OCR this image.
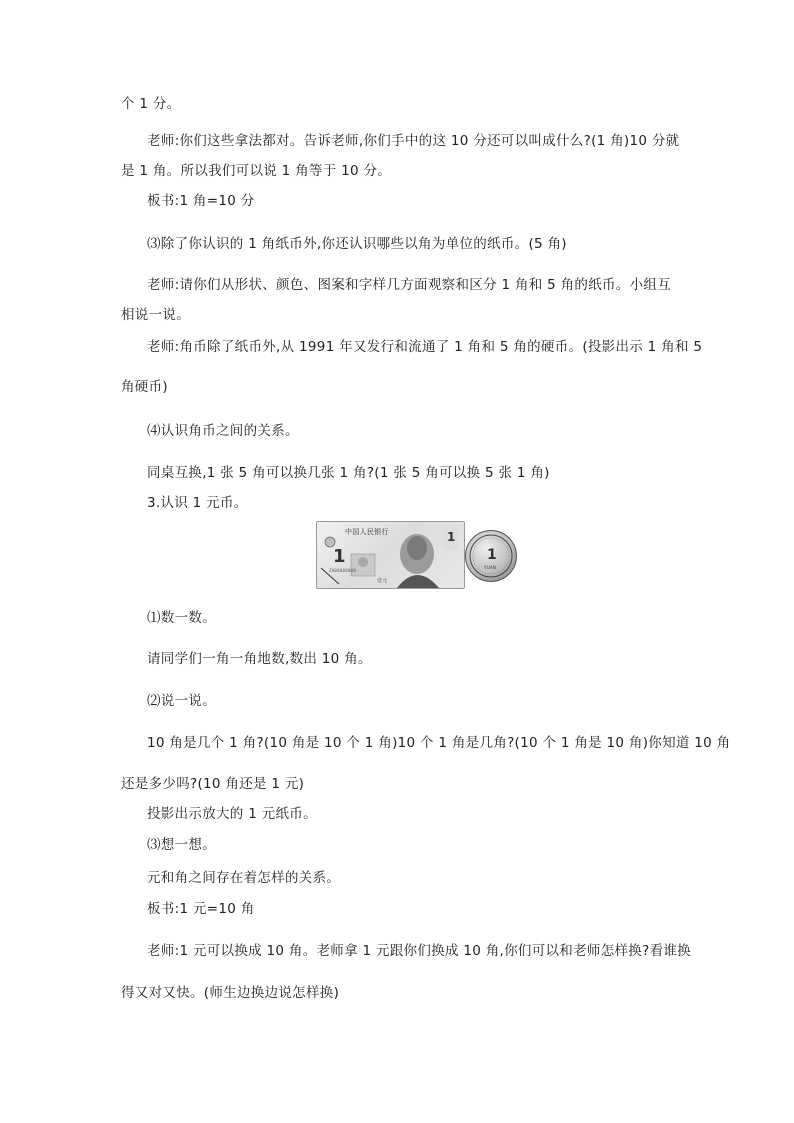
个 1 分。
老师:你们这些拿法都对。告诉老师,你们手中的这 10 分还可以叫成什么?(1 角)10 分就
是 1 角。所以我们可以说 1 角等于 10 分。
板书:1 角=10 分
⑶除了你认识的 1 角纸币外,你还认识哪些以角为单位的纸币。(5 角)
老师:请你们从形状、颜色、图案和字样几方面观察和区分 1 角和 5 角的纸币。小组互
相说一说。
老师:角币除了纸币外,从 1991 年又发行和流通了 1 角和 5 角的硬币。(投影出示 1 角和 5
角硬币)
⑷认识角币之间的关系。
同桌互换,1 张 5 角可以换几张 1 角?(1 张 5 角可以换 5 张 1 角)
3.认识 1 元币。
中国人民银行
1
ZA00000000
1
壹元
1
YUAN
⑴数一数。
请同学们一角一角地数,数出 10 角。
⑵说一说。
10 角是几个 1 角?(10 角是 10 个 1 角)10 个 1 角是几角?(10 个 1 角是 10 角)你知道 10 角
还是多少吗?(10 角还是 1 元)
投影出示放大的 1 元纸币。
⑶想一想。
元和角之间存在着怎样的关系。
板书:1 元=10 角
老师:1 元可以换成 10 角。老师拿 1 元跟你们换成 10 角,你们可以和老师怎样换?看谁换
得又对又快。(师生边换边说怎样换)
